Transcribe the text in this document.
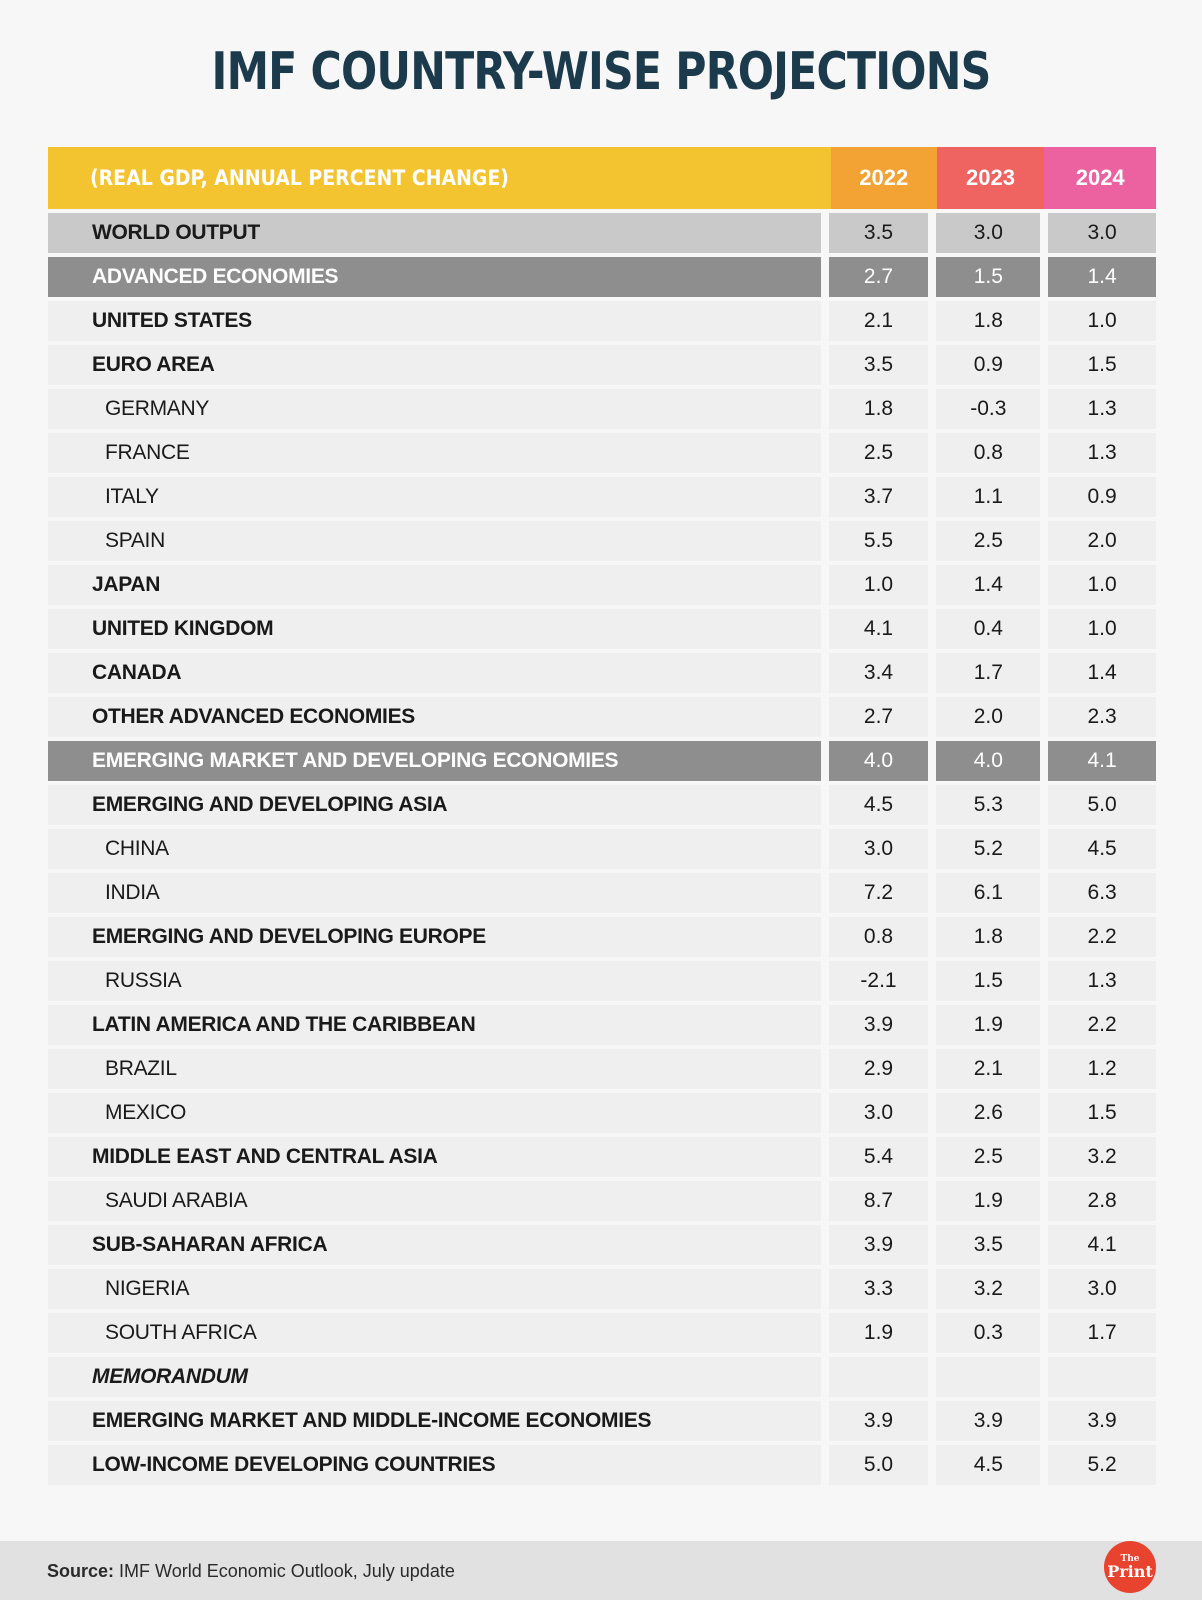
IMF COUNTRY-WISE PROJECTIONS
(REAL GDP, ANNUAL PERCENT CHANGE)	2022	2023	2024
WORLD OUTPUT	3.5	3.0	3.0
ADVANCED ECONOMIES	2.7	1.5	1.4
UNITED STATES	2.1	1.8	1.0
EURO AREA	3.5	0.9	1.5
GERMANY	1.8	-0.3	1.3
FRANCE	2.5	0.8	1.3
ITALY	3.7	1.1	0.9
SPAIN	5.5	2.5	2.0
JAPAN	1.0	1.4	1.0
UNITED KINGDOM	4.1	0.4	1.0
CANADA	3.4	1.7	1.4
OTHER ADVANCED ECONOMIES	2.7	2.0	2.3
EMERGING MARKET AND DEVELOPING ECONOMIES	4.0	4.0	4.1
EMERGING AND DEVELOPING ASIA	4.5	5.3	5.0
CHINA	3.0	5.2	4.5
INDIA	7.2	6.1	6.3
EMERGING AND DEVELOPING EUROPE	0.8	1.8	2.2
RUSSIA	-2.1	1.5	1.3
LATIN AMERICA AND THE CARIBBEAN	3.9	1.9	2.2
BRAZIL	2.9	2.1	1.2
MEXICO	3.0	2.6	1.5
MIDDLE EAST AND CENTRAL ASIA	5.4	2.5	3.2
SAUDI ARABIA	8.7	1.9	2.8
SUB-SAHARAN AFRICA	3.9	3.5	4.1
NIGERIA	3.3	3.2	3.0
SOUTH AFRICA	1.9	0.3	1.7
MEMORANDUM
EMERGING MARKET AND MIDDLE-INCOME ECONOMIES	3.9	3.9	3.9
LOW-INCOME DEVELOPING COUNTRIES	5.0	4.5	5.2
Source: IMF World Economic Outlook, July update
The
Print
